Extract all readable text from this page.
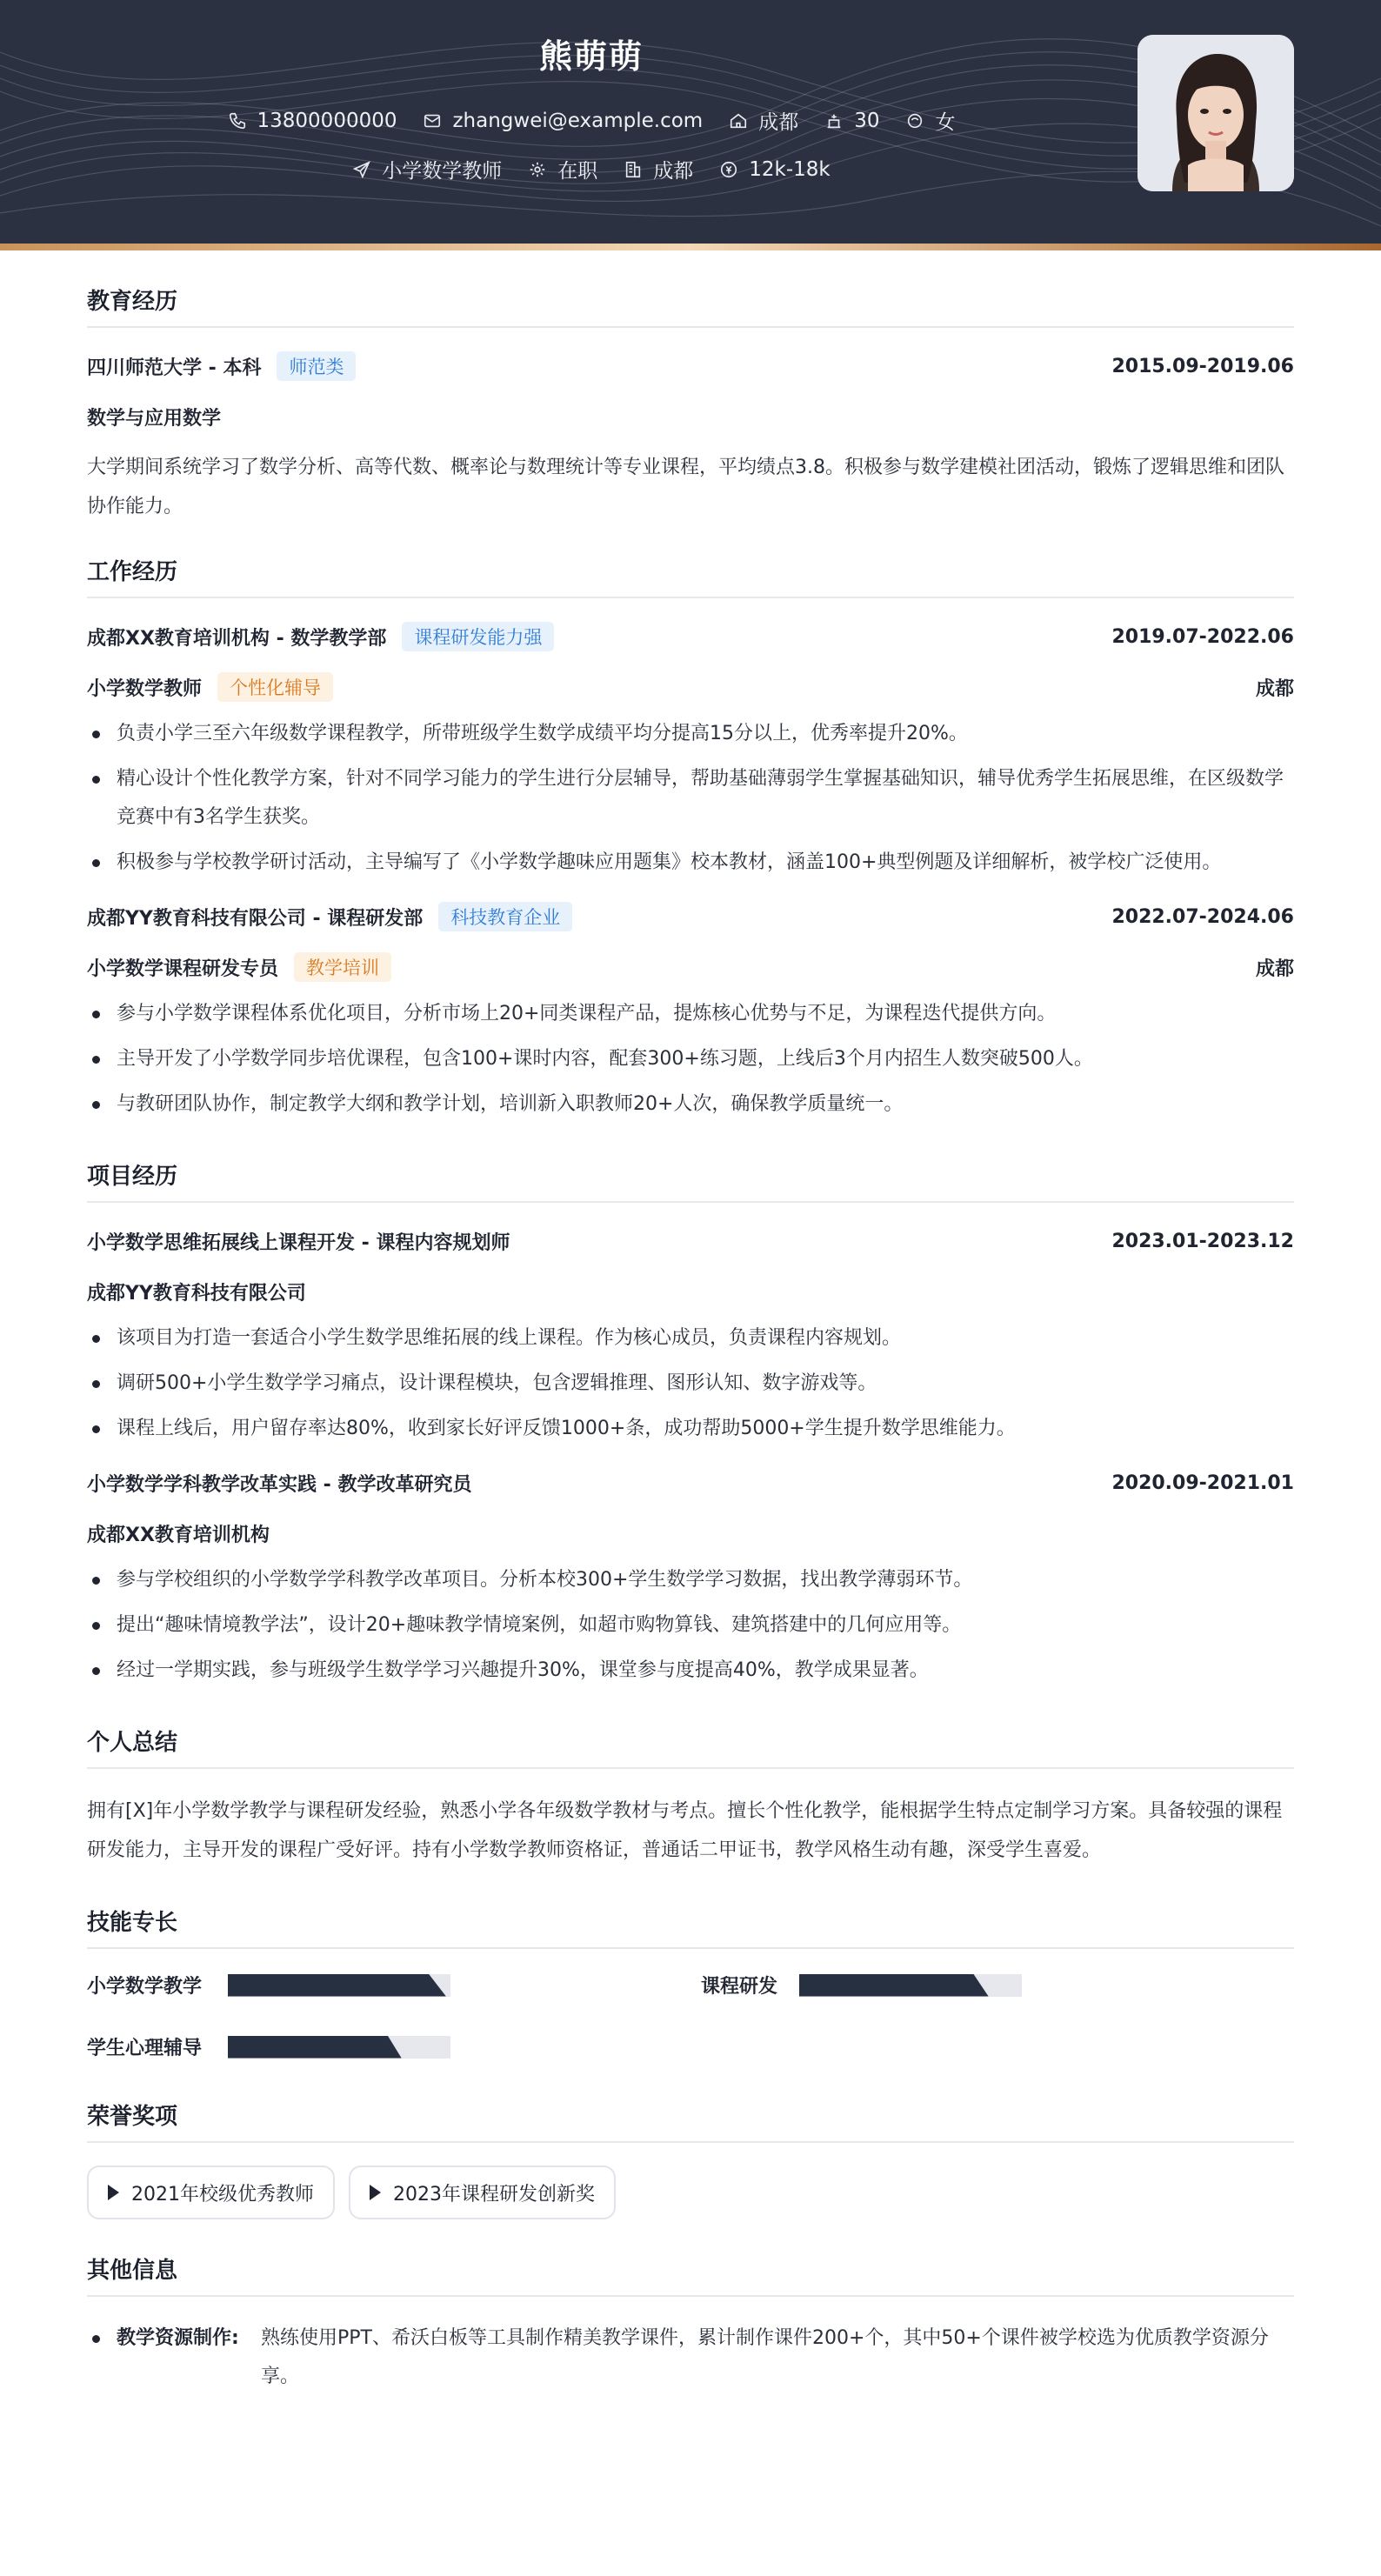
熊萌萌
13800000000	zhangwei@example.com	成都	30	女
小学数学教师	在职	成都	12k-18k
教育经历
四川师范大学 - 本科	师范类	2015.09-2019.06
数学与应用数学
大学期间系统学习了数学分析、高等代数、概率论与数理统计等专业课程，平均绩点3.8。积极参与数学建模社团活动，锻炼了逻辑思维和团队协作能力。
工作经历
成都XX教育培训机构 - 数学教学部	课程研发能力强	2019.07-2022.06
小学数学教师	个性化辅导	成都
负责小学三至六年级数学课程教学，所带班级学生数学成绩平均分提高15分以上，优秀率提升20%。
精心设计个性化教学方案，针对不同学习能力的学生进行分层辅导，帮助基础薄弱学生掌握基础知识，辅导优秀学生拓展思维，在区级数学竞赛中有3名学生获奖。
积极参与学校教学研讨活动，主导编写了《小学数学趣味应用题集》校本教材，涵盖100+典型例题及详细解析，被学校广泛使用。
成都YY教育科技有限公司 - 课程研发部	科技教育企业	2022.07-2024.06
小学数学课程研发专员	教学培训	成都
参与小学数学课程体系优化项目，分析市场上20+同类课程产品，提炼核心优势与不足，为课程迭代提供方向。
主导开发了小学数学同步培优课程，包含100+课时内容，配套300+练习题，上线后3个月内招生人数突破500人。
与教研团队协作，制定教学大纲和教学计划，培训新入职教师20+人次，确保教学质量统一。
项目经历
小学数学思维拓展线上课程开发 - 课程内容规划师	2023.01-2023.12
成都YY教育科技有限公司
该项目为打造一套适合小学生数学思维拓展的线上课程。作为核心成员，负责课程内容规划。
调研500+小学生数学学习痛点，设计课程模块，包含逻辑推理、图形认知、数字游戏等。
课程上线后，用户留存率达80%，收到家长好评反馈1000+条，成功帮助5000+学生提升数学思维能力。
小学数学学科教学改革实践 - 教学改革研究员	2020.09-2021.01
成都XX教育培训机构
参与学校组织的小学数学学科教学改革项目。分析本校300+学生数学学习数据，找出教学薄弱环节。
提出“趣味情境教学法”，设计20+趣味教学情境案例，如超市购物算钱、建筑搭建中的几何应用等。
经过一学期实践，参与班级学生数学学习兴趣提升30%，课堂参与度提高40%，教学成果显著。
个人总结
拥有[X]年小学数学教学与课程研发经验，熟悉小学各年级数学教材与考点。擅长个性化教学，能根据学生特点定制学习方案。具备较强的课程研发能力，主导开发的课程广受好评。持有小学数学教师资格证，普通话二甲证书，教学风格生动有趣，深受学生喜爱。
技能专长
小学数学教学	课程研发
学生心理辅导
荣誉奖项
2021年校级优秀教师	2023年课程研发创新奖
其他信息
教学资源制作:	熟练使用PPT、希沃白板等工具制作精美教学课件，累计制作课件200+个，其中50+个课件被学校选为优质教学资源分享。
